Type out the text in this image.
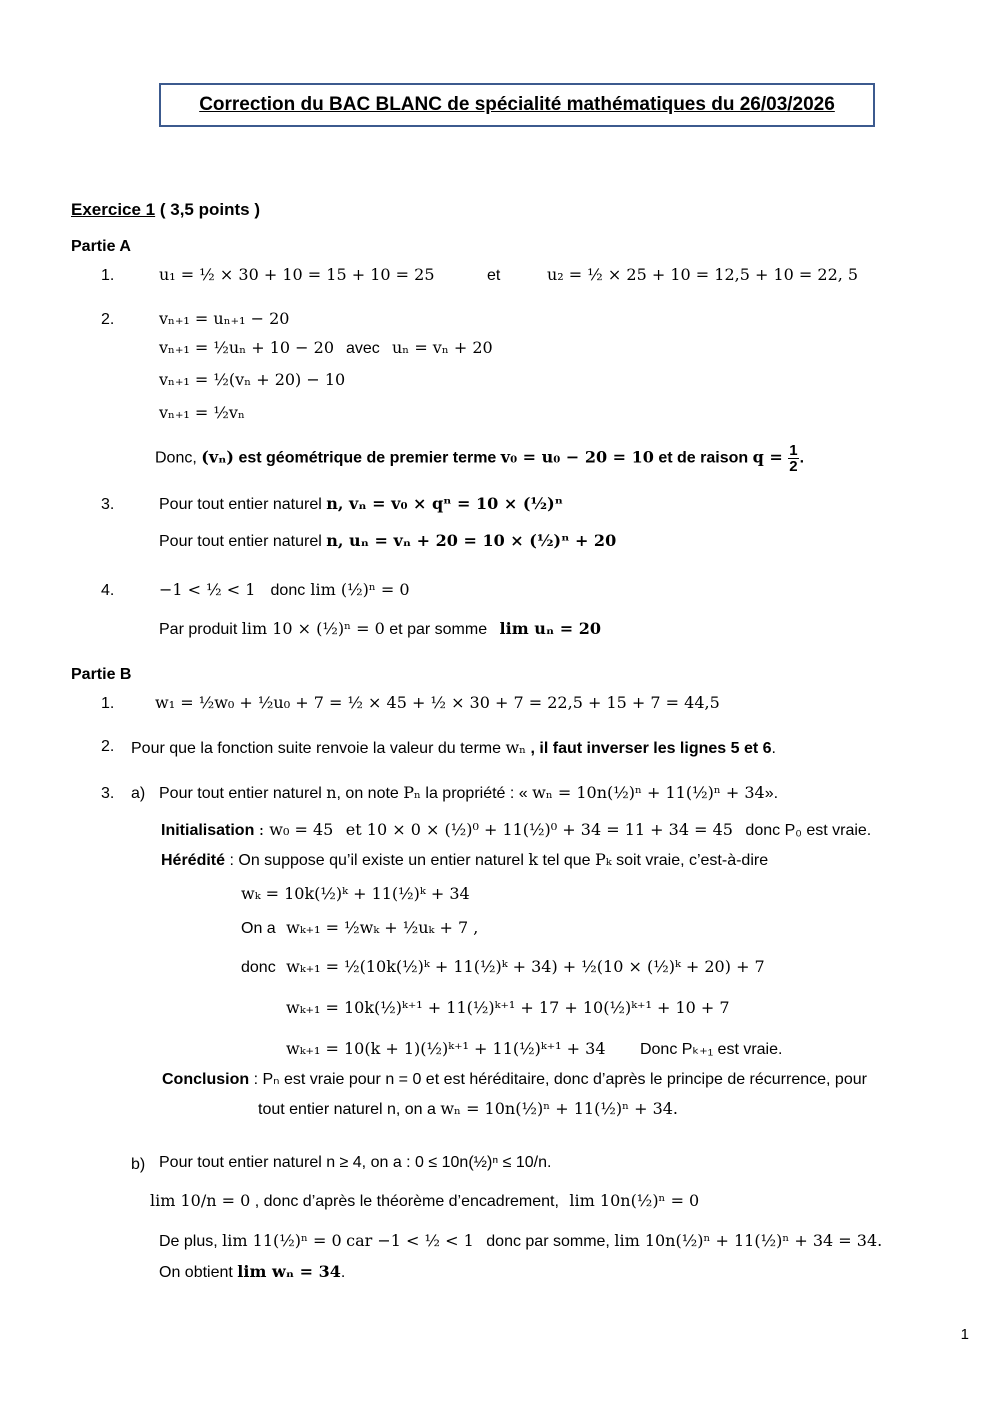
Correction du BAC BLANC de spécialité mathématiques du 26/03/2026
Exercice 1 ( 3,5 points )
Partie A
1.	u₁ = ½ × 30 + 10 = 15 + 10 = 25	et	u₂ = ½ × 25 + 10 = 12,5 + 10 = 22, 5
2.	vₙ₊₁ = uₙ₊₁ − 20
vₙ₊₁ = ½uₙ + 10 − 20 avec uₙ = vₙ + 20
vₙ₊₁ = ½(vₙ + 20) − 10
vₙ₊₁ = ½vₙ
Donc, (vₙ) est géométrique de premier terme v₀ = u₀ − 20 = 10 et de raison $q = \frac{1}{2}$ .
3.	Pour tout entier naturel n, vₙ = v₀ × qⁿ = 10 × (½)ⁿ
Pour tout entier naturel n, uₙ = vₙ + 20 = 10 × (½)ⁿ + 20
4.	−1 < ½ < 1 donc lim (½)ⁿ = 0
Par produit lim 10 × (½)ⁿ = 0 et par somme lim uₙ = 20
Partie B
1.	w₁ = ½w₀ + ½u₀ + 7 = ½ × 45 + ½ × 30 + 7 = 22,5 + 15 + 7 = 44,5
2. Pour que la fonction suite renvoie la valeur du terme wₙ , il faut inverser les lignes 5 et 6.
3. a) Pour tout entier naturel n, on note Pₙ la propriété : « wₙ = 10n(½)ⁿ + 11(½)ⁿ + 34».
Initialisation : w₀ = 45 et 10 × 0 × (½)⁰ + 11(½)⁰ + 34 = 11 + 34 = 45 donc P₀ est vraie.
Hérédité : On suppose qu’il existe un entier naturel k tel que Pₖ soit vraie, c’est-à-dire
wₖ = 10k(½)ᵏ + 11(½)ᵏ + 34
On a wₖ₊₁ = ½wₖ + ½uₖ + 7 ,
donc wₖ₊₁ = ½(10k(½)ᵏ + 11(½)ᵏ + 34) + ½(10 × (½)ᵏ + 20) + 7
wₖ₊₁ = 10k(½)ᵏ⁺¹ + 11(½)ᵏ⁺¹ + 17 + 10(½)ᵏ⁺¹ + 10 + 7
wₖ₊₁ = 10(k + 1)(½)ᵏ⁺¹ + 11(½)ᵏ⁺¹ + 34 Donc Pₖ₊₁ est vraie.
Conclusion : Pₙ est vraie pour n = 0 et est héréditaire, donc d’après le principe de récurrence, pour
tout entier naturel n, on a wₙ = 10n(½)ⁿ + 11(½)ⁿ + 34.
b) Pour tout entier naturel n ≥ 4, on a : 0 ≤ 10n(½)ⁿ ≤ 10/n.
lim 10/n = 0 , donc d’après le théorème d’encadrement, lim 10n(½)ⁿ = 0
De plus, lim 11(½)ⁿ = 0 car −1 < ½ < 1 donc par somme, lim 10n(½)ⁿ + 11(½)ⁿ + 34 = 34.
On obtient lim wₙ = 34.
1
